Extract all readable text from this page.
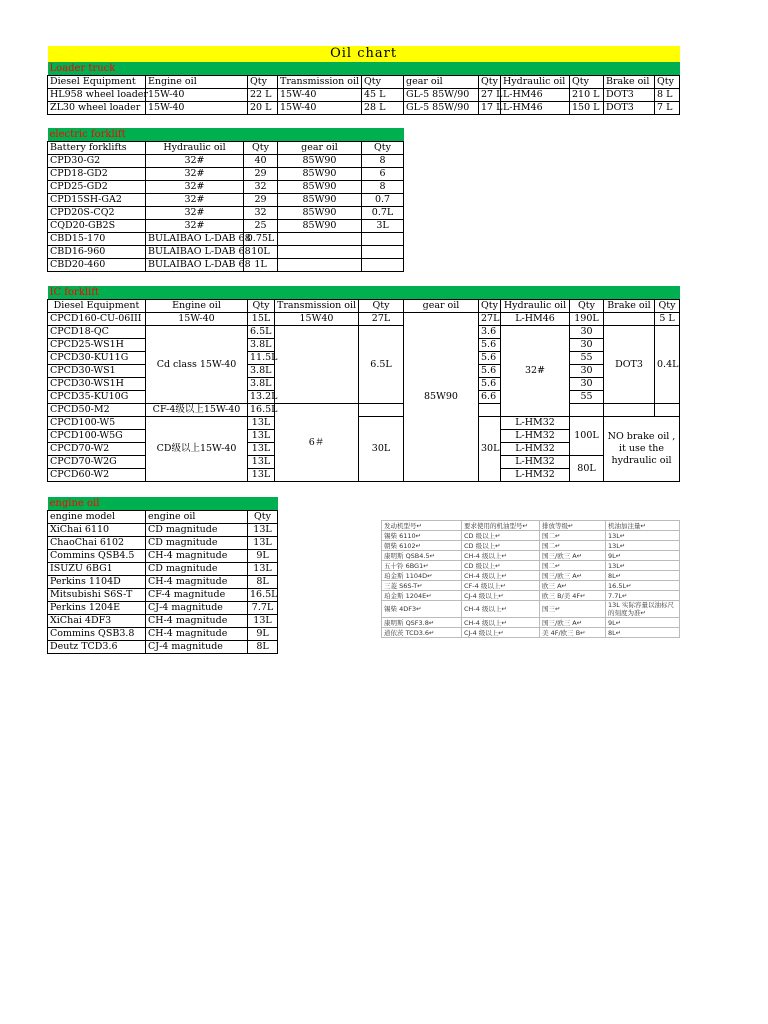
Oil chart										
Loader truck										
Diesel Equipment	Engine oil	Qty	Transmission oil	Qty	gear oil	Qty	Hydraulic oil	Qty	Brake oil	Qty
HL958 wheel loader	15W-40	22 L	15W-40	45 L	GL-5 85W/90	27 L	L-HM46	210 L	DOT3	8 L
ZL30 wheel loader	15W-40	20 L	15W-40	28 L	GL-5 85W/90	17 L	L-HM46	150 L	DOT3	7 L
electric forklift				
Battery forklifts	Hydraulic oil	Qty	gear oil	Qty
CPD30-G2	32#	40	85W90	8
CPD18-GD2	32#	29	85W90	6
CPD25-GD2	32#	32	85W90	8
CPD15SH-GA2	32#	29	85W90	0.7
CPD20S-CQ2	32#	32	85W90	0.7L
CQD20-GB2S	32#	25	85W90	3L
CBD15-170	BULAIBAO L-DAB 68	0.75L		
CBD16-960	BULAIBAO L-DAB 68	10L		
CBD20-460	BULAIBAO L-DAB 68	1L		
IC forklift										
Diesel Equipment	Engine oil	Qty	Transmission oil	Qty	gear oil	Qty	Hydraulic oil	Qty	Brake oil	Qty
CPCD160-CU-06III	15W-40	15L	15W40	27L	85W90	27L	L-HM46	190L		5 L
CPCD18-QC	Cd class 15W-40	6.5L		6.5L		3.6	32#	30	DOT3	0.4L
CPCD25-WS1H		3.8L				5.6		30		
CPCD30-KU11G		11.5L				5.6		55		
CPCD30-WS1		3.8L				5.6		30		
CPCD30-WS1H		3.8L				5.6		30		
CPCD35-KU10G		13.2L				6.6		55		
CPCD50-M2	CF-4级以上15W-40	16.5L	6＃							
CPCD100-W5	CD级以上15W-40	13L		30L		30L	L-HM32	100L	NO brake oil , it use the hydraulic oil	
CPCD100-W5G		13L					L-HM32			
CPCD70-W2		13L					L-HM32			
CPCD70-W2G		13L					L-HM32	80L		
CPCD60-W2		13L					L-HM32			
engine oil		
engine model	engine oil	Qty
XiChai 6110	CD magnitude	13L
ChaoChai 6102	CD magnitude	13L
Commins QSB4.5	CH-4 magnitude	9L
ISUZU 6BG1	CD magnitude	13L
Perkins 1104D	CH-4 magnitude	8L
Mitsubishi S6S-T	CF-4 magnitude	16.5L
Perkins 1204E	CJ-4 magnitude	7.7L
XiChai 4DF3	CH-4 magnitude	13L
Commins QSB3.8	CH-4 magnitude	9L
Deutz TCD3.6	CJ-4 magnitude	8L
发动机型号↵	要求使用的机油型号↵	排放等级↵	机油加注量↵
锡柴 6110↵	CD 级以上↵	国二↵	13L↵
朝柴 6102↵	CD 级以上↵	国二↵	13L↵
康明斯 QSB4.5↵	CH-4 级以上↵	国三/欧三 A↵	9L↵
五十铃 6BG1↵	CD 级以上↵	国二↵	13L↵
珀金斯 1104D↵	CH-4 级以上↵	国三/欧三 A↵	8L↵
三菱 S6S-T↵	CF-4 级以上↵	欧三 A↵	16.5L↵
珀金斯 1204E↵	CJ-4 级以上↵	欧三 B/美 4F↵	7.7L↵
锡柴 4DF3↵	CH-4 级以上↵	国三↵	13L 实际容量以油标尺的刻度为准↵
康明斯 QSF3.8↵	CH-4 级以上↵	国三/欧三 A↵	9L↵
道依茨 TCD3.6↵	CJ-4 级以上↵	美 4F/欧三 B↵	8L↵
